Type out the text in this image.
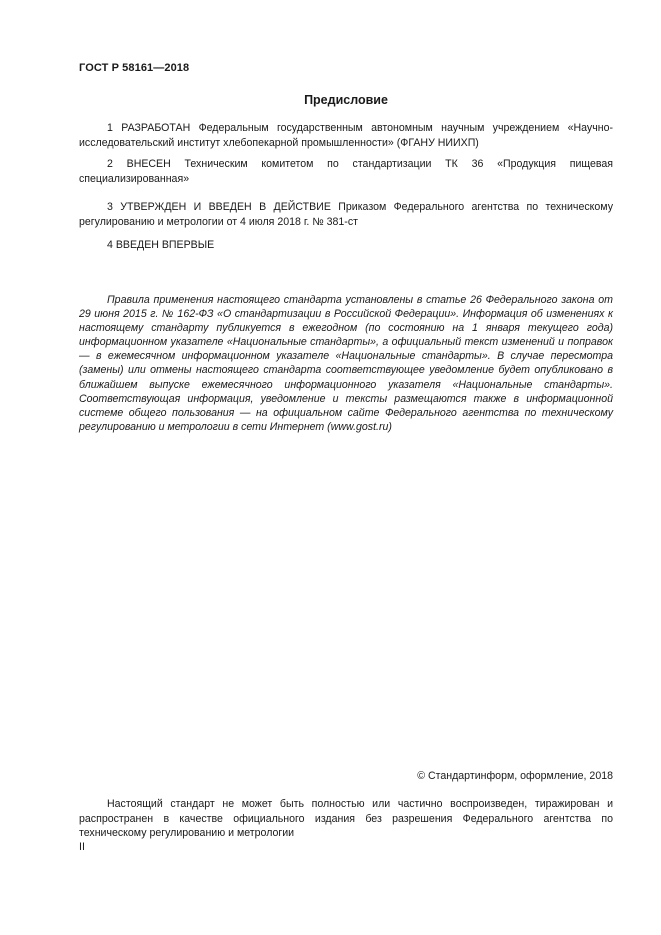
ГОСТ Р 58161—2018
Предисловие
1 РАЗРАБОТАН Федеральным государственным автономным научным учреждением «Научно-исследовательский институт хлебопекарной промышленности» (ФГАНУ НИИХП)
2 ВНЕСЕН Техническим комитетом по стандартизации ТК 36 «Продукция пищевая специализированная»
3 УТВЕРЖДЕН И ВВЕДЕН В ДЕЙСТВИЕ Приказом Федерального агентства по техническому регулированию и метрологии от 4 июля 2018 г. № 381-ст
4 ВВЕДЕН ВПЕРВЫЕ
Правила применения настоящего стандарта установлены в статье 26 Федерального закона от 29 июня 2015 г. № 162-ФЗ «О стандартизации в Российской Федерации». Информация об изменениях к настоящему стандарту публикуется в ежегодном (по состоянию на 1 января текущего года) информационном указателе «Национальные стандарты», а официальный текст изменений и поправок — в ежемесячном информационном указателе «Национальные стандарты». В случае пересмотра (замены) или отмены настоящего стандарта соответствующее уведомление будет опубликовано в ближайшем выпуске ежемесячного информационного указателя «Национальные стандарты». Соответствующая информация, уведомление и тексты размещаются также в информационной системе общего пользования — на официальном сайте Федерального агентства по техническому регулированию и метрологии в сети Интернет (www.gost.ru)
© Стандартинформ, оформление, 2018
Настоящий стандарт не может быть полностью или частично воспроизведен, тиражирован и распространен в качестве официального издания без разрешения Федерального агентства по техническому регулированию и метрологии
II
